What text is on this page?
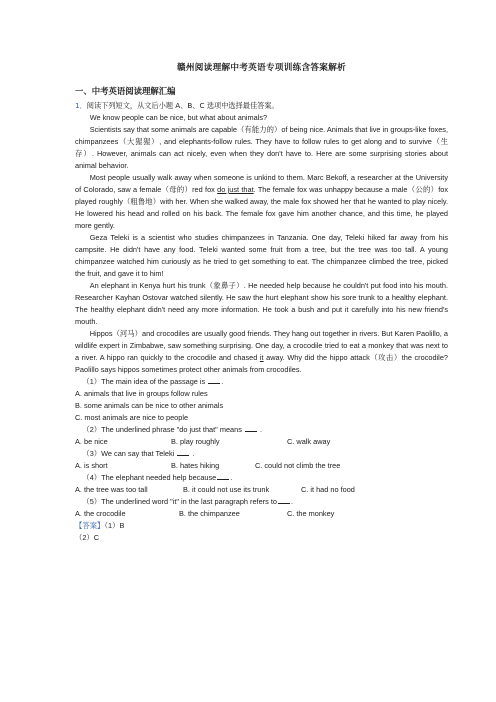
赣州阅读理解中考英语专项训练含答案解析
一、中考英语阅读理解汇编

1．阅读下列短文，从文后小题 A、B、C 选项中选择最佳答案。

We know people can be nice, but what about animals?

Scientists say that some animals are capable（有能力的）of being nice. Animals that live in groups-like foxes, chimpanzees（大猩猩）, and elephants-follow rules. They have to follow rules to get along and to survive（生存）. However, animals can act nicely, even when they don't have to. Here are some surprising stories about animal behavior.

Most people usually walk away when someone is unkind to them. Marc Bekoff, a researcher at the University of Colorado, saw a female（母的）red fox do just that. The female fox was unhappy because a male（公的）fox played roughly（粗鲁地）with her. When she walked away, the male fox showed her that he wanted to play nicely. He lowered his head and rolled on his back. The female fox gave him another chance, and this time, he played more gently.

Geza Teleki is a scientist who studies chimpanzees in Tanzania. One day, Teleki hiked far away from his campsite. He didn't have any food. Teleki wanted some fruit from a tree, but the tree was too tall. A young chimpanzee watched him curiously as he tried to get something to eat. The chimpanzee climbed the tree, picked the fruit, and gave it to him!

An elephant in Kenya hurt his trunk（象鼻子）. He needed help because he couldn't put food into his mouth. Researcher Kayhan Ostovar watched silently. He saw the hurt elephant show his sore trunk to a healthy elephant. The healthy elephant didn't need any more information. He took a bush and put it carefully into his new friend's mouth.

Hippos（河马）and crocodiles are usually good friends. They hang out together in rivers. But Karen Paolillo, a wildlife expert in Zimbabwe, saw something surprising. One day, a crocodile tried to eat a monkey that was next to a river. A hippo ran quickly to the crocodile and chased it away. Why did the hippo attack（攻击）the crocodile? Paolillo says hippos sometimes protect other animals from crocodiles.

（1）The main idea of the passage is .

A. animals that live in groups follow rules

B. some animals can be nice to other animals

C. most animals are nice to people

（2）The underlined phrase "do just that" means  .

A. be nice	B. play roughly	C. walk away

（3）We can say that Teleki  .

A. is short	B. hates hiking	C. could not climb the tree

（4）The elephant needed help because .

A. the tree was too tall	B. it could not use its trunk	C. it had no food

（5）The underlined word "it" in the last paragraph refers to .

A. the crocodile	B. the chimpanzee	C. the monkey

【答案】（1）B

（2）C
